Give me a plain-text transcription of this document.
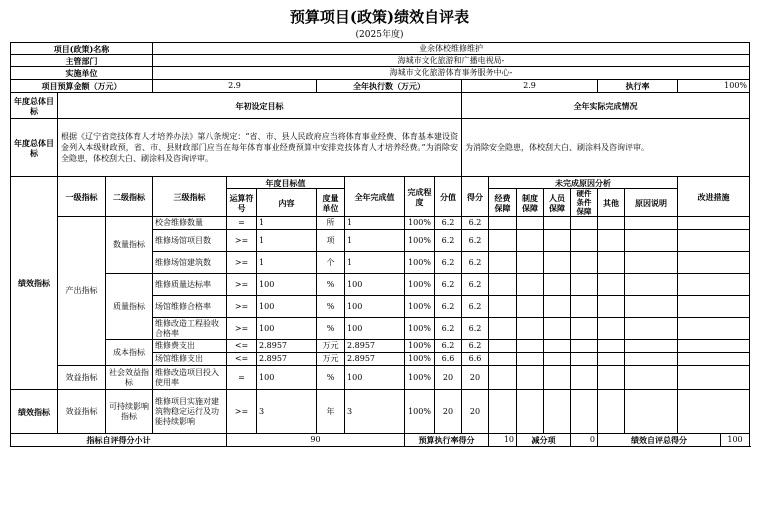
预算项目(政策)绩效自评表
(2025年度)
项目(政策)名称			业余体校维修维护														
主管部门			海城市文化旅游和广播电视局-														
实施单位			海城市文化旅游体育事务服务中心-														
项目预算金额（万元）			2.9			全年执行数（万元）				2.9					执行率		100%
年度总体目标	年初设定目标									全年实际完成情况							
年度总体目标	根据《辽宁省竞技体育人才培养办法》第八条规定：“省、市、县人民政府应当将体育事业经费、体育基本建设资金列入本级财政预，省、市、县财政部门应当在每年体育事业经费预算中安排竞技体育人才培养经费。”为消除安全隐患，体校刮大白、刷涂料及咨询评审。									为消除安全隐患，体校刮大白、刷涂料及咨询评审。							
绩效指标	一级指标	二级指标	三级指标	年度目标值			全年完成值	完成程度	分值	得分	未完成原因分析						改进措施
				运算符号	内容	度量单位					经费保障	制度保障	人员保障	硬件条件保障	其他	原因说明	

	产出指标	数量指标	校舍维修数量	=	1	所	1	100%	6.2	6.2							
			维修场馆项目数	>=	1	项	1	100%	6.2	6.2							
			维修场馆建筑数	>=	1	个	1	100%	6.2	6.2							
		质量指标	维修质量达标率	>=	100	%	100	100%	6.2	6.2							
			场馆维修合格率	>=	100	%	100	100%	6.2	6.2							
			维修改造工程验收合格率	>=	100	%	100	100%	6.2	6.2							
		成本指标	维修费支出	<=	2.8957	万元	2.8957	100%	6.2	6.2							
			场馆维修支出	<=	2.8957	万元	2.8957	100%	6.6	6.6							
	效益指标	社会效益指标	维修改造项目投入使用率	=	100	%	100	100%	20	20							
绩效指标	效益指标	可持续影响指标	维修项目实施对建筑物稳定运行及功能持续影响	>=	3	年	3	100%	20	20								
指标自评得分小计				90				预算执行率得分			10	减分项		0	绩效自评总得分			100
